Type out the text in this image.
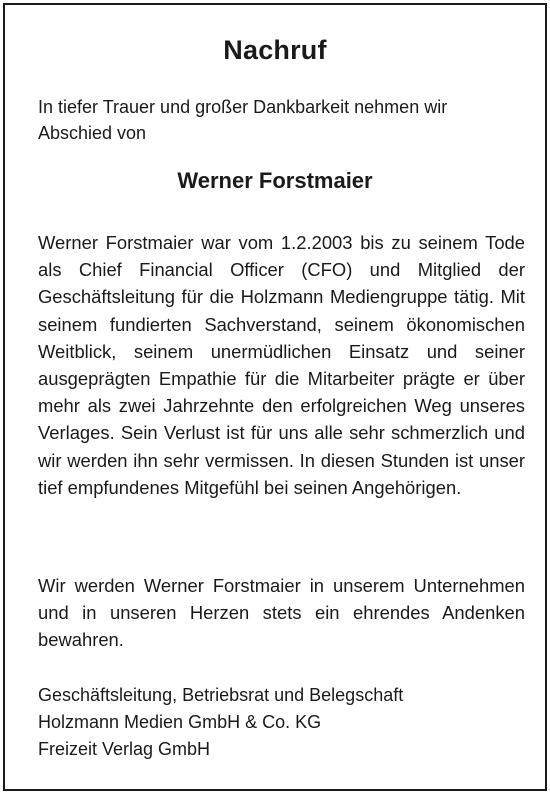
Nachruf
In tiefer Trauer und großer Dankbarkeit nehmen wir Abschied von
Werner Forstmaier
Werner Forstmaier war vom 1.2.2003 bis zu seinem Tode als Chief Financial Officer (CFO) und Mitglied der Geschäftsleitung für die Holzmann Mediengruppe tätig. Mit seinem fundierten Sachverstand, seinem ökonomischen Weitblick, seinem unermüdlichen Einsatz und seiner ausgeprägten Empathie für die Mitarbeiter prägte er über mehr als zwei Jahrzehnte den erfolgreichen Weg unseres Verlages. Sein Verlust ist für uns alle sehr schmerzlich und wir werden ihn sehr vermissen. In diesen Stunden ist unser tief empfundenes Mitgefühl bei seinen Angehörigen.
Wir werden Werner Forstmaier in unserem Unternehmen und in unseren Herzen stets ein ehrendes Andenken bewahren.
Geschäftsleitung, Betriebsrat und Belegschaft
Holzmann Medien GmbH & Co. KG
Freizeit Verlag GmbH
